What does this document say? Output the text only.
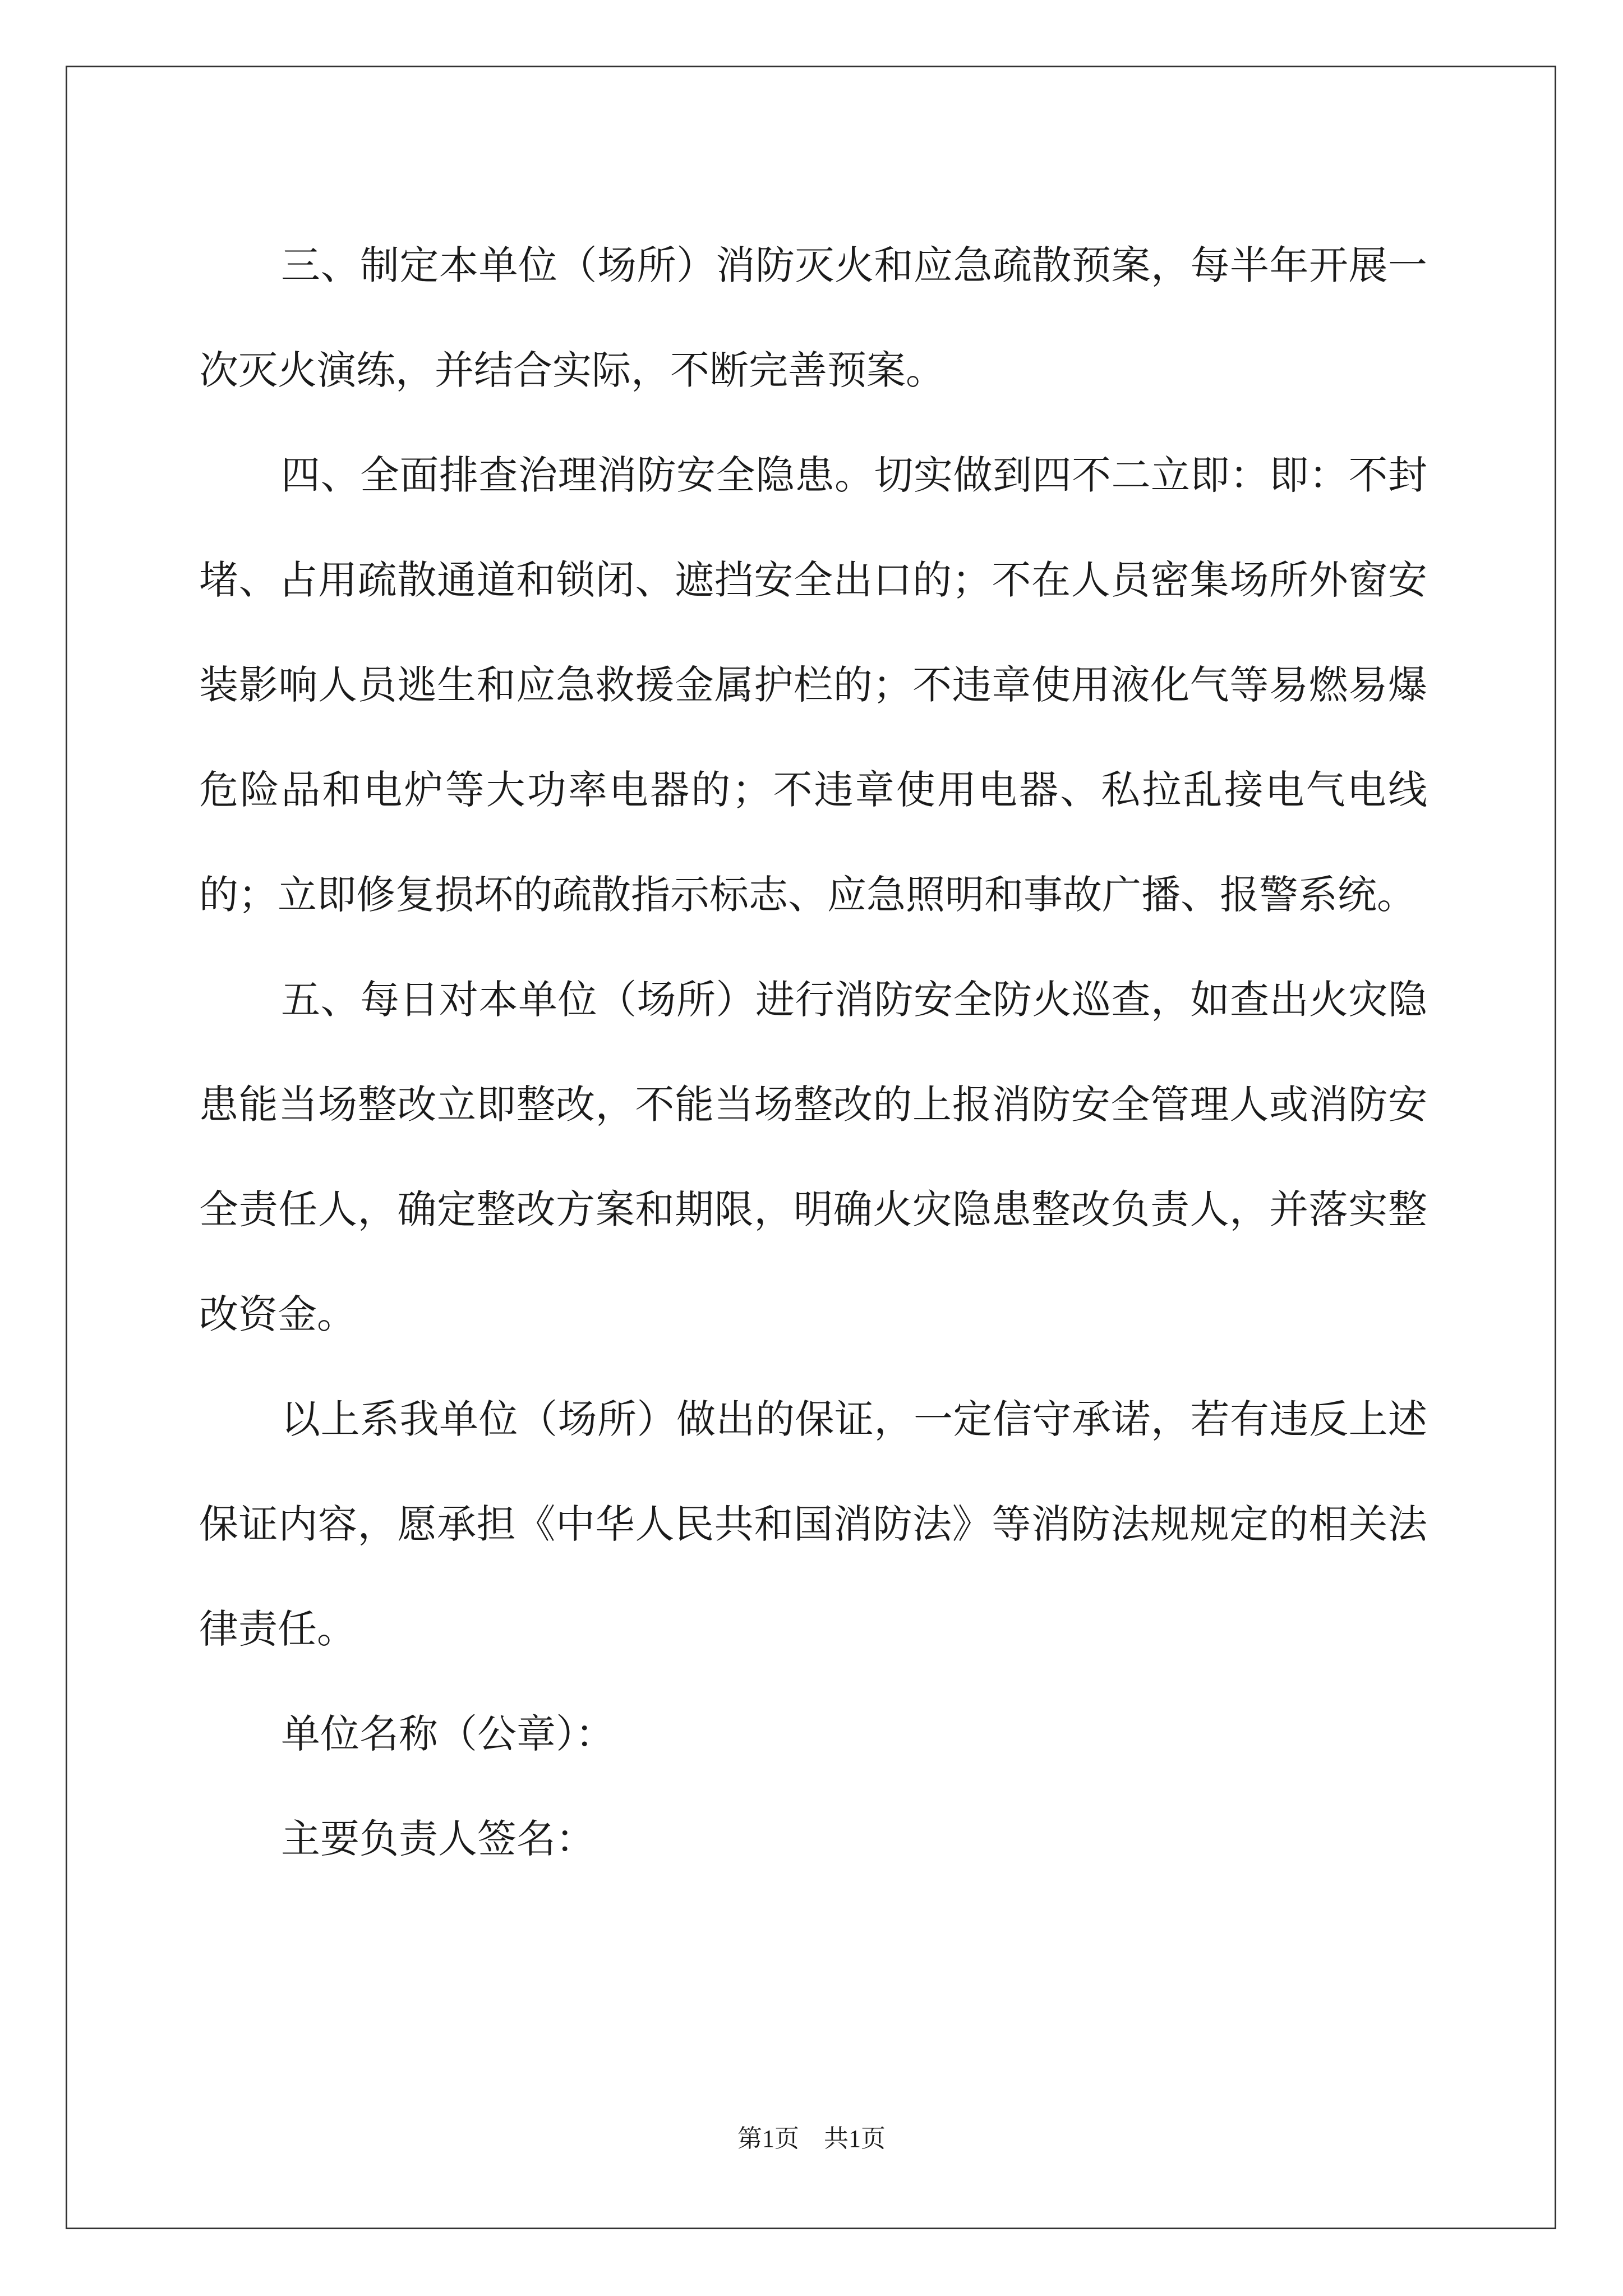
三、制定本单位（场所）消防灭火和应急疏散预案，每半年开展一次灭火演练，并结合实际，不断完善预案。

四、全面排查治理消防安全隐患。切实做到四不二立即：即：不封堵、占用疏散通道和锁闭、遮挡安全出口的；不在人员密集场所外窗安装影响人员逃生和应急救援金属护栏的；不违章使用液化气等易燃易爆危险品和电炉等大功率电器的；不违章使用电器、私拉乱接电气电线的；立即修复损坏的疏散指示标志、应急照明和事故广播、报警系统。

五、每日对本单位（场所）进行消防安全防火巡查，如查出火灾隐患能当场整改立即整改，不能当场整改的上报消防安全管理人或消防安全责任人，确定整改方案和期限，明确火灾隐患整改负责人，并落实整改资金。

以上系我单位（场所）做出的保证，一定信守承诺，若有违反上述保证内容，愿承担《中华人民共和国消防法》等消防法规规定的相关法律责任。

单位名称（公章）：

主要负责人签名：

第1页　共1页
